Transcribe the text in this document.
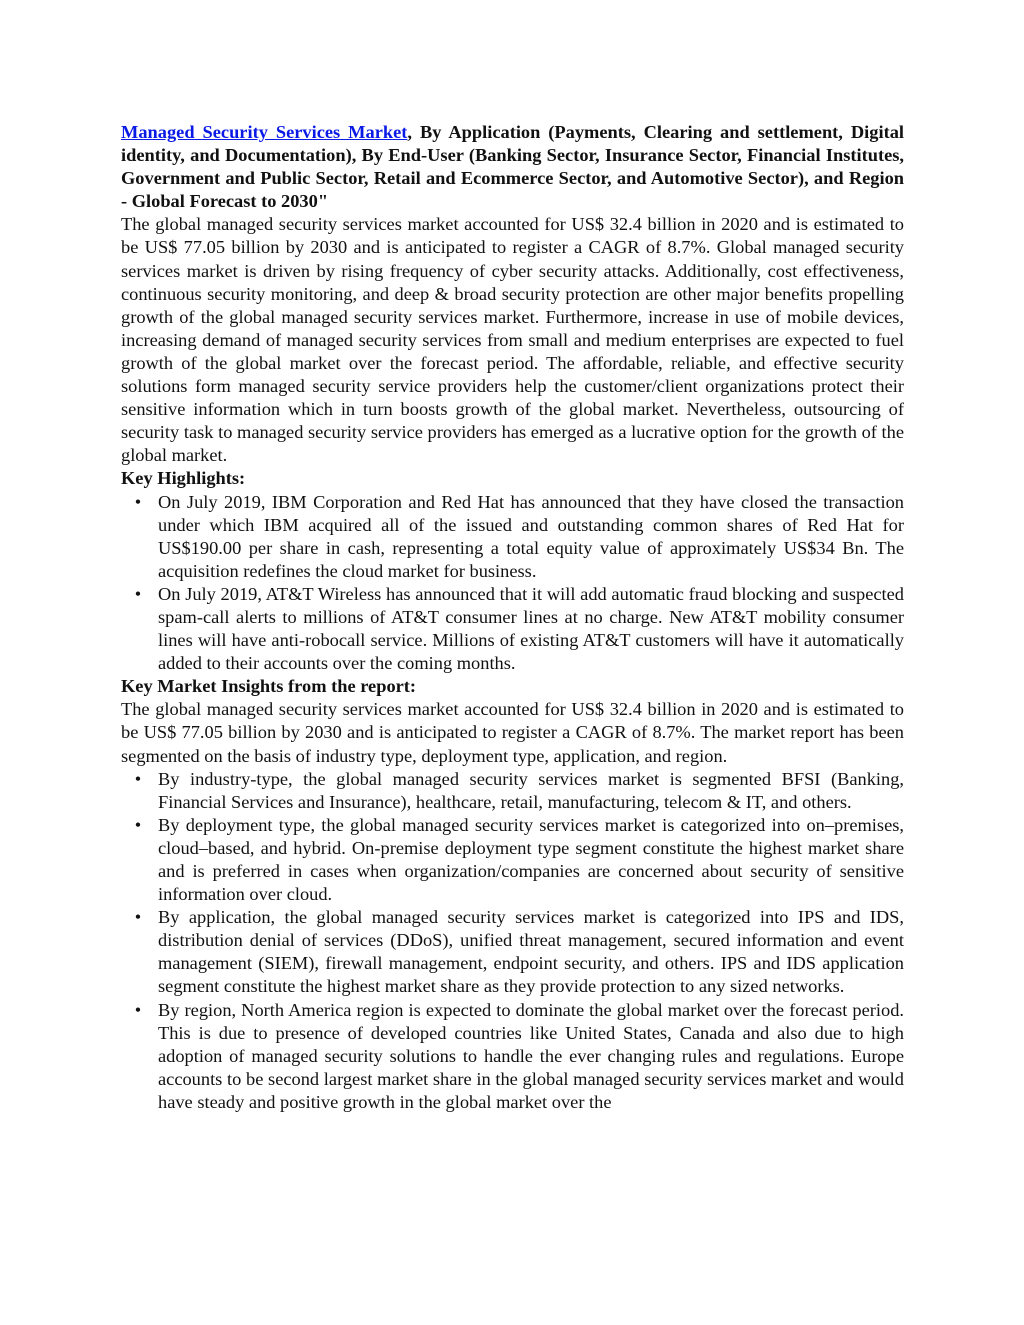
Managed Security Services Market, By Application (Payments, Clearing and settlement, Digital identity, and Documentation), By End-User (Banking Sector, Insurance Sector, Financial Institutes, Government and Public Sector, Retail and Ecommerce Sector, and Automotive Sector), and Region - Global Forecast to 2030"

The global managed security services market accounted for US$ 32.4 billion in 2020 and is estimated to be US$ 77.05 billion by 2030 and is anticipated to register a CAGR of 8.7%. Global managed security services market is driven by rising frequency of cyber security attacks. Additionally, cost effectiveness, continuous security monitoring, and deep & broad security protection are other major benefits propelling growth of the global managed security services market. Furthermore, increase in use of mobile devices, increasing demand of managed security services from small and medium enterprises are expected to fuel growth of the global market over the forecast period. The affordable, reliable, and effective security solutions form managed security service providers help the customer/client organizations protect their sensitive information which in turn boosts growth of the global market. Nevertheless, outsourcing of security task to managed security service providers has emerged as a lucrative option for the growth of the global market.

Key Highlights:

• On July 2019, IBM Corporation and Red Hat has announced that they have closed the transaction under which IBM acquired all of the issued and outstanding common shares of Red Hat for US$190.00 per share in cash, representing a total equity value of approximately US$34 Bn. The acquisition redefines the cloud market for business.
• On July 2019, AT&T Wireless has announced that it will add automatic fraud blocking and suspected spam-call alerts to millions of AT&T consumer lines at no charge. New AT&T mobility consumer lines will have anti-robocall service. Millions of existing AT&T customers will have it automatically added to their accounts over the coming months.

Key Market Insights from the report:

The global managed security services market accounted for US$ 32.4 billion in 2020 and is estimated to be US$ 77.05 billion by 2030 and is anticipated to register a CAGR of 8.7%. The market report has been segmented on the basis of industry type, deployment type, application, and region.

• By industry-type, the global managed security services market is segmented BFSI (Banking, Financial Services and Insurance), healthcare, retail, manufacturing, telecom & IT, and others.
• By deployment type, the global managed security services market is categorized into on–premises, cloud–based, and hybrid. On-premise deployment type segment constitute the highest market share and is preferred in cases when organization/companies are concerned about security of sensitive information over cloud.
• By application, the global managed security services market is categorized into IPS and IDS, distribution denial of services (DDoS), unified threat management, secured information and event management (SIEM), firewall management, endpoint security, and others. IPS and IDS application segment constitute the highest market share as they provide protection to any sized networks.
• By region, North America region is expected to dominate the global market over the forecast period. This is due to presence of developed countries like United States, Canada and also due to high adoption of managed security solutions to handle the ever changing rules and regulations. Europe accounts to be second largest market share in the global managed security services market and would have steady and positive growth in the global market over the
